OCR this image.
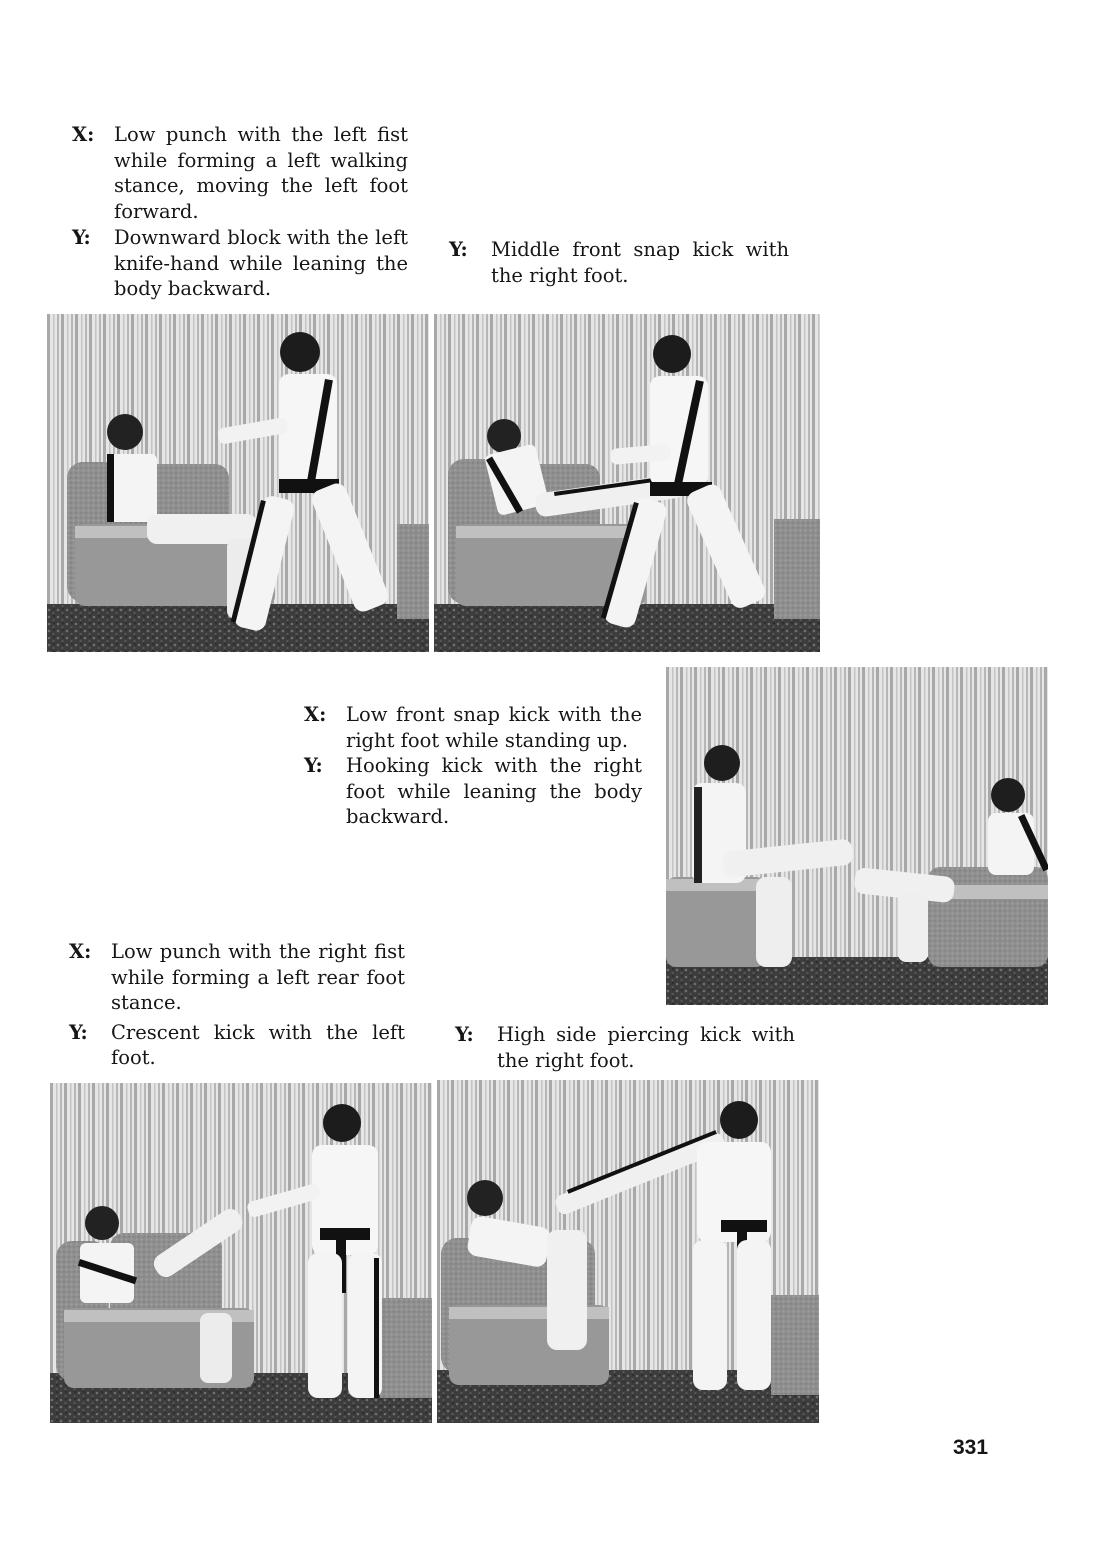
X: Low punch with the left fist while forming a left walking stance, moving the left foot forward.
Y: Downward block with the left knife-hand while leaning the body backward.
Y: Middle front snap kick with the right foot.
X: Low front snap kick with the right foot while standing up.
Y: Hooking kick with the right foot while leaning the body backward.
X: Low punch with the right fist while forming a left rear foot stance.
Y: Crescent kick with the left foot.
Y: High side piercing kick with the right foot.
331
